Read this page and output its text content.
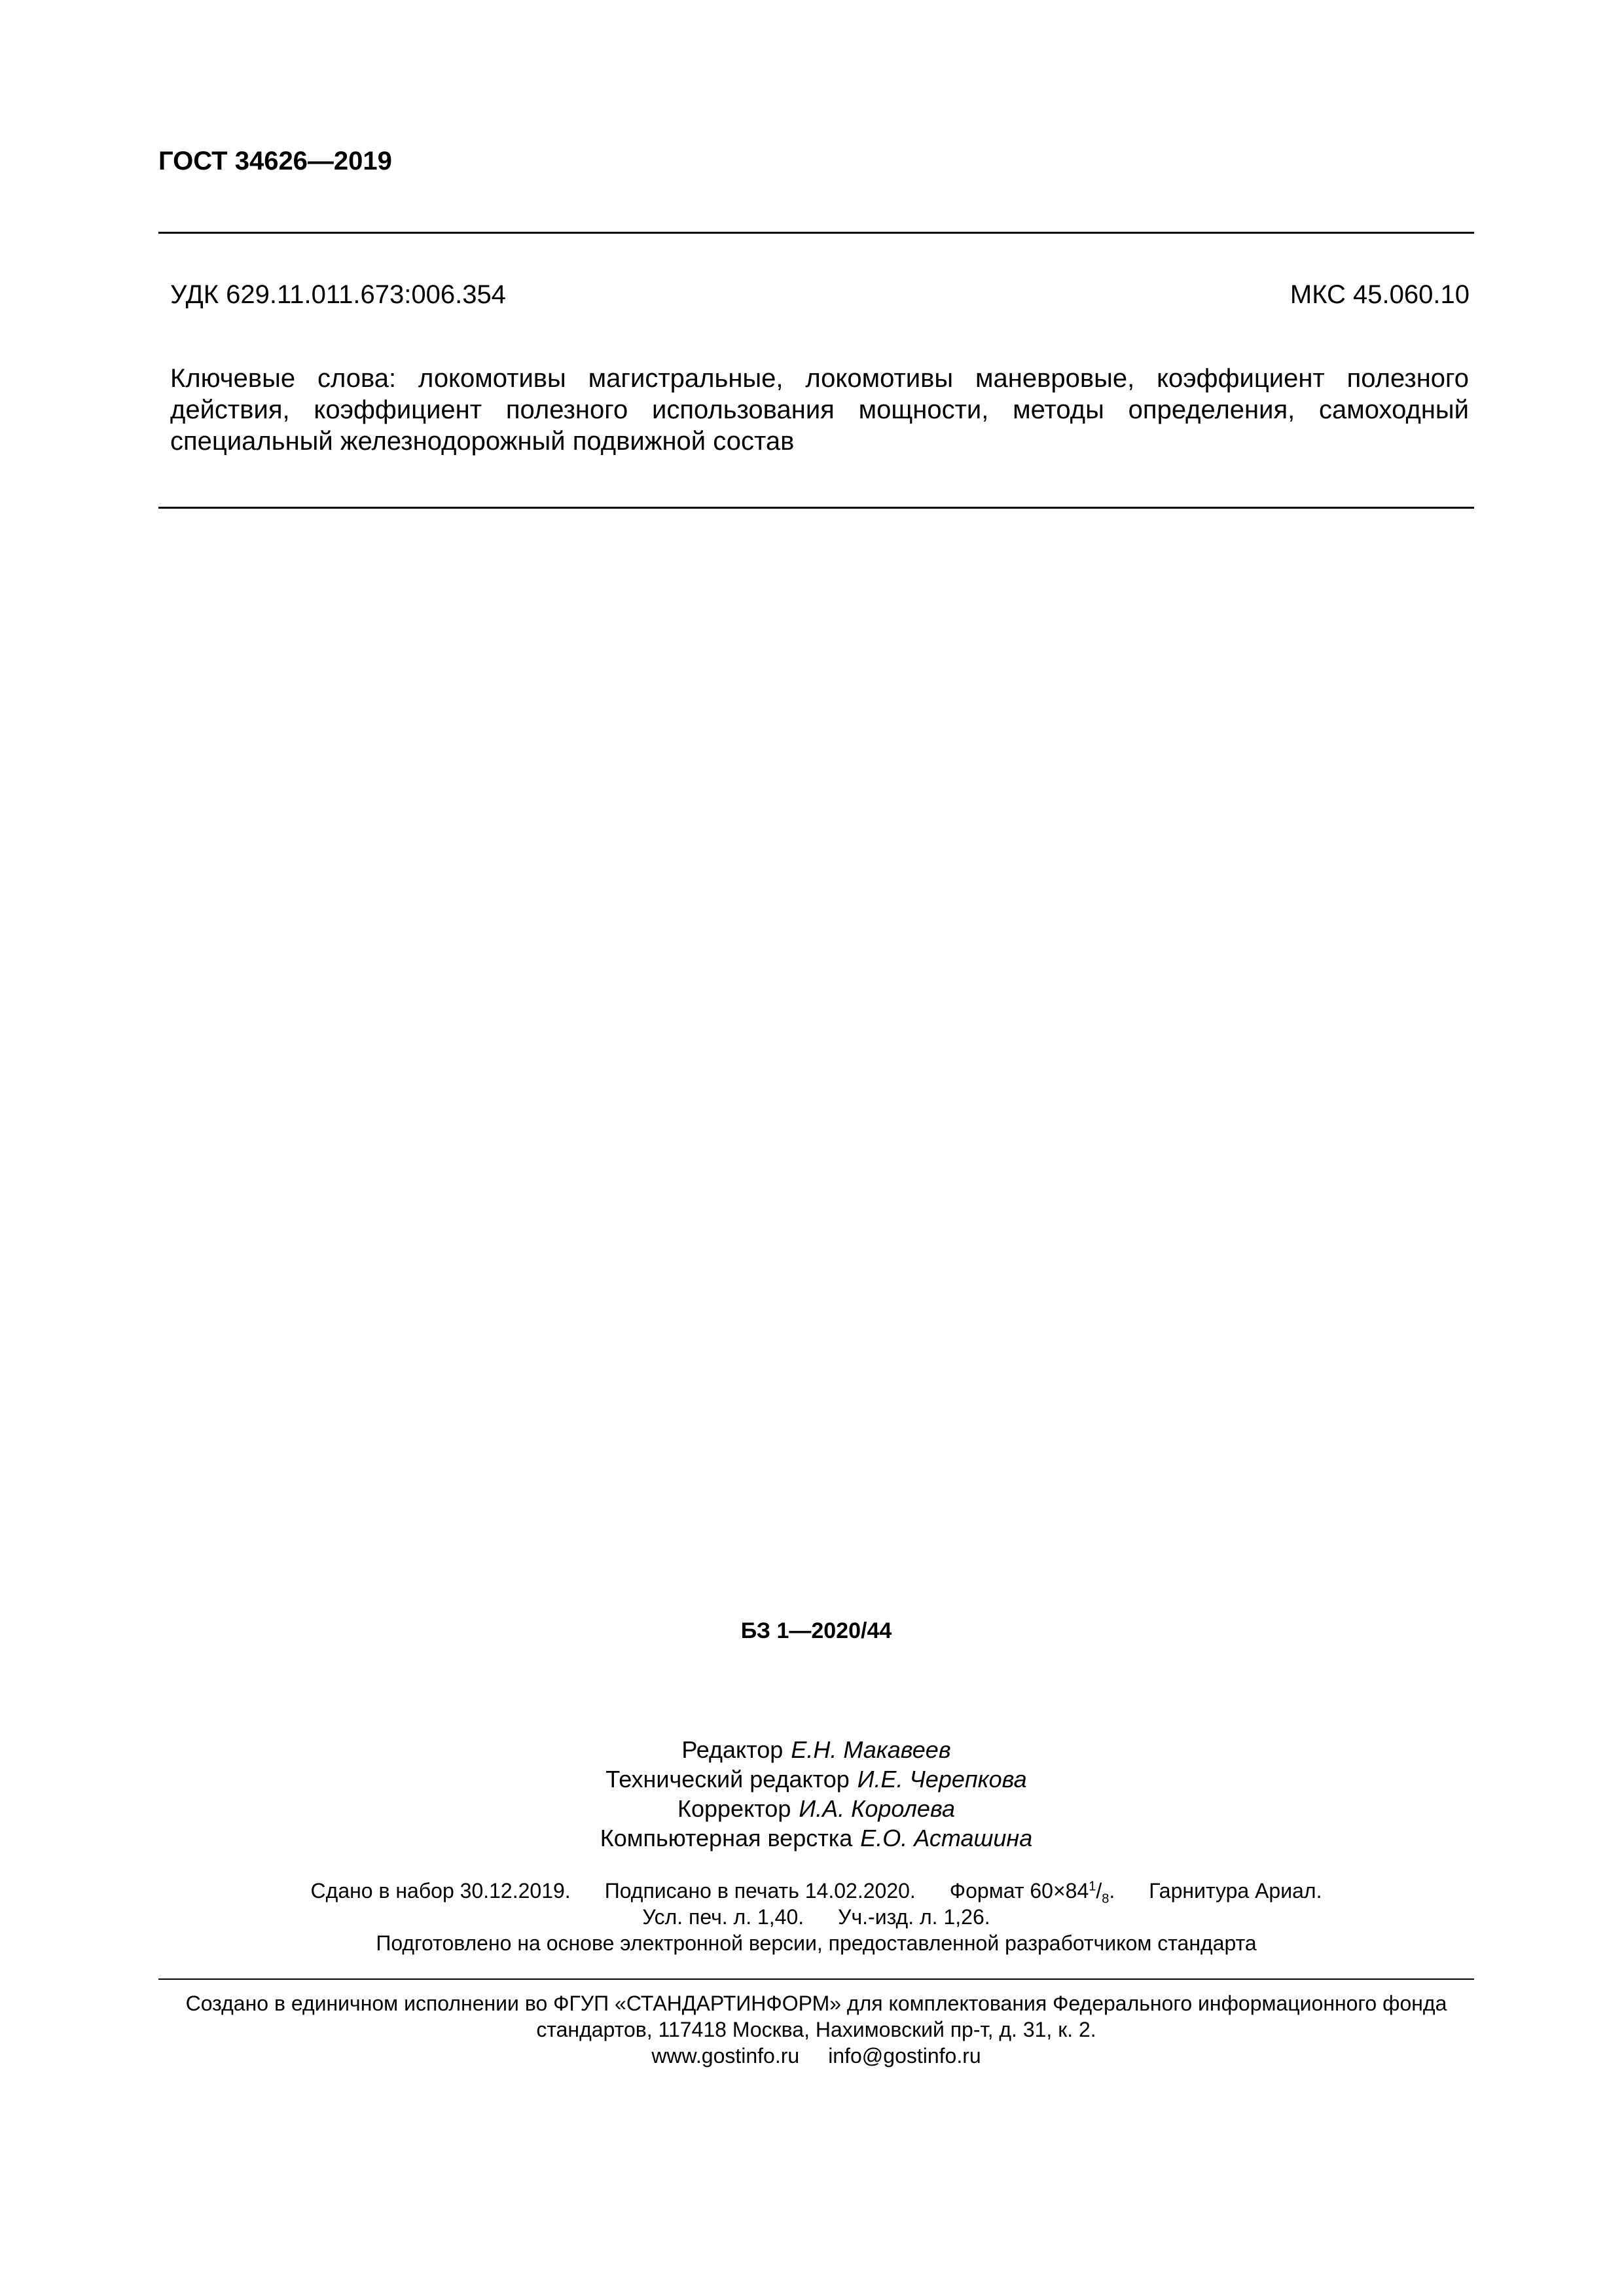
ГОСТ 34626—2019
УДК 629.11.011.673:006.354	МКС 45.060.10
Ключевые слова: локомотивы магистральные, локомотивы маневровые, коэффициент полезного действия, коэффициент полезного использования мощности, методы определения, самоходный специальный железнодорожный подвижной состав
БЗ 1—2020/44
Редактор Е.Н. Макавеев
Технический редактор И.Е. Черепкова
Корректор И.А. Королева
Компьютерная верстка Е.О. Асташина
Сдано в набор 30.12.2019. Подписано в печать 14.02.2020. Формат $60\times 84^1/_8$. Гарнитура Ариал.
Усл. печ. л. 1,40. Уч.-изд. л. 1,26.
Подготовлено на основе электронной версии, предоставленной разработчиком стандарта
Создано в единичном исполнении во ФГУП «СТАНДАРТИНФОРМ» для комплектования Федерального информационного фонда
стандартов, 117418 Москва, Нахимовский пр-т, д. 31, к. 2.
www.gostinfo.ru info@gostinfo.ru
